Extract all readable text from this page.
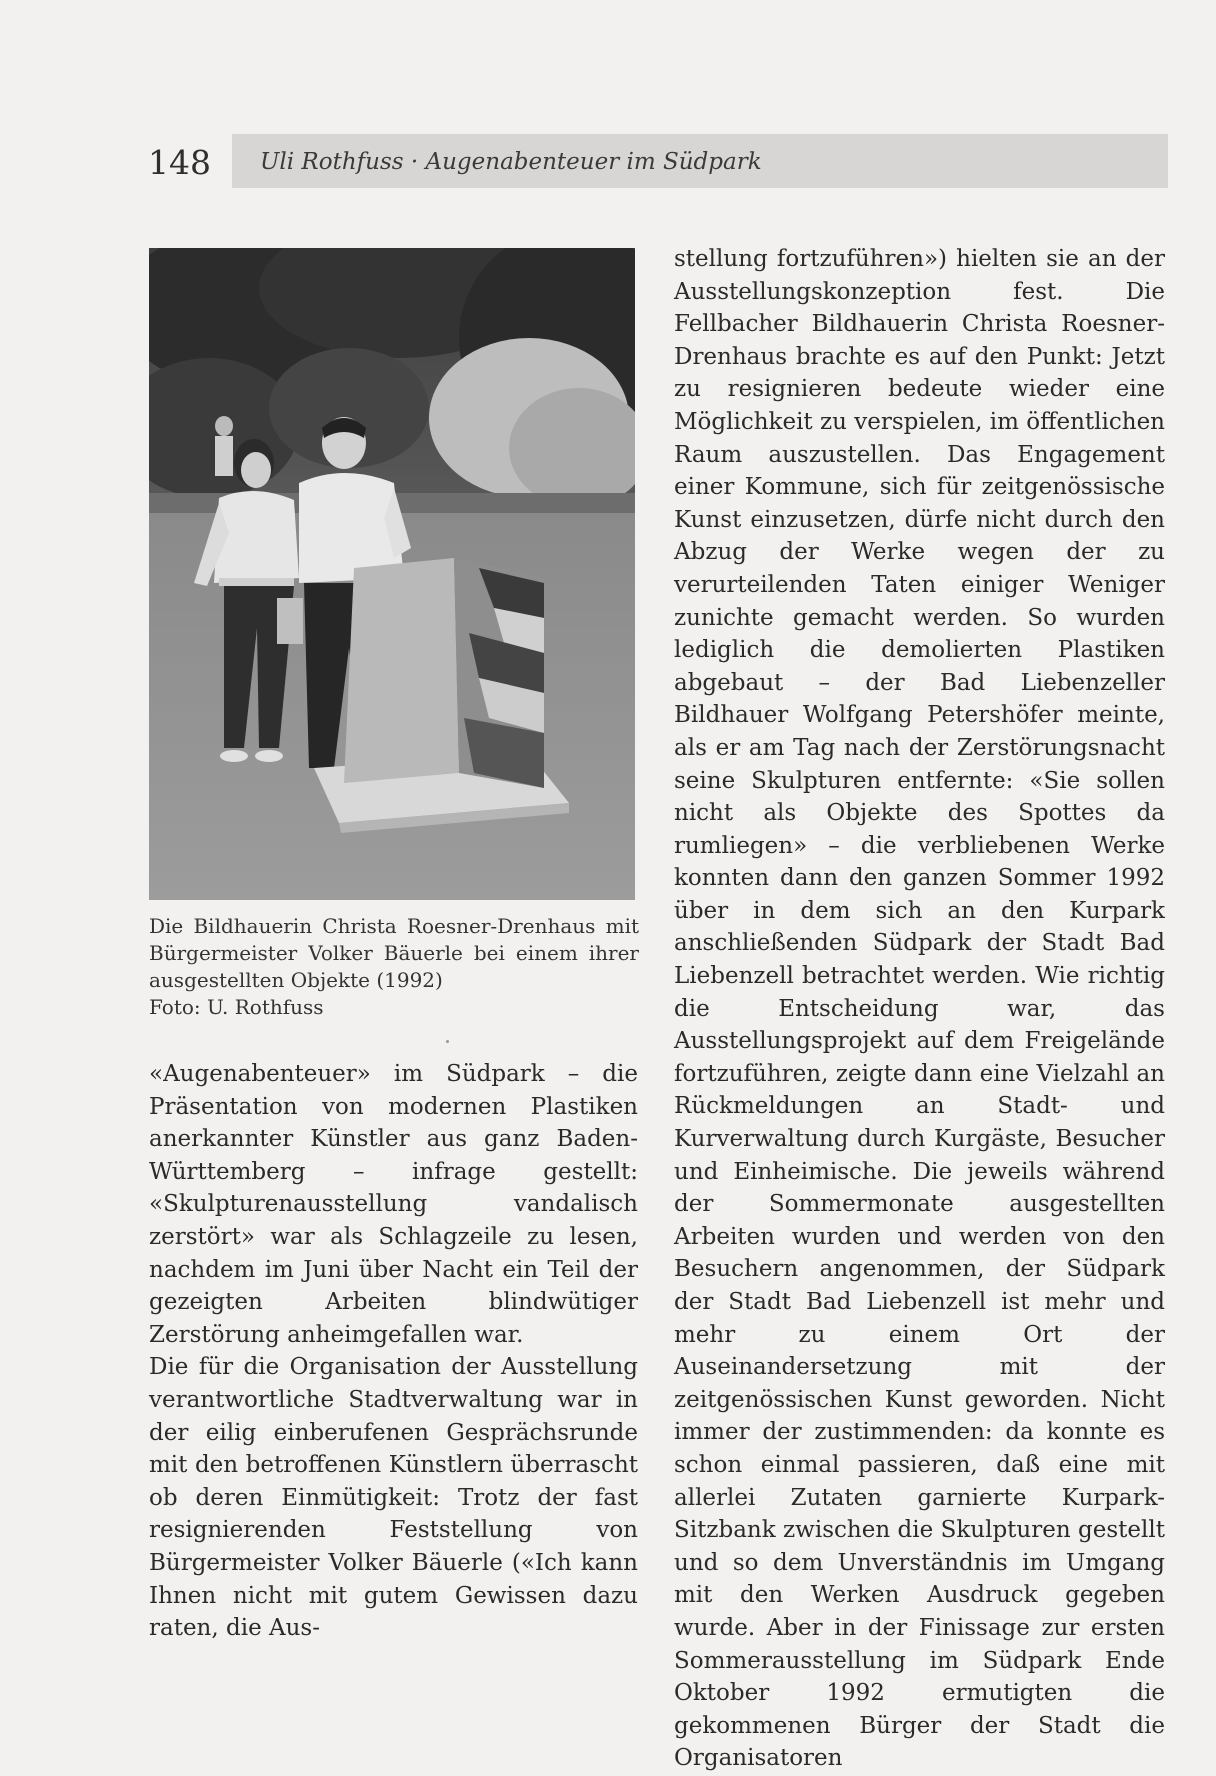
148 Uli Rothfuss · Augenabenteuer im Südpark
Die Bildhauerin Christa Roesner-Drenhaus mit Bürgermeister Volker Bäuerle bei einem ihrer ausgestellten Objekte (1992)
Foto: U. Rothfuss

«Augenabenteuer» im Südpark – die Präsentation von modernen Plastiken anerkannter Künstler aus ganz Baden-Württemberg – infrage gestellt: «Skulpturenausstellung vandalisch zerstört» war als Schlagzeile zu lesen, nachdem im Juni über Nacht ein Teil der gezeigten Arbeiten blindwütiger Zerstörung anheimgefallen war.

Die für die Organisation der Ausstellung verantwortliche Stadtverwaltung war in der eilig einberufenen Gesprächsrunde mit den betroffenen Künstlern überrascht ob deren Einmütigkeit: Trotz der fast resignierenden Feststellung von Bürgermeister Volker Bäuerle («Ich kann Ihnen nicht mit gutem Gewissen dazu raten, die Aus-

stellung fortzuführen») hielten sie an der Ausstellungskonzeption fest. Die Fellbacher Bildhauerin Christa Roesner-Drenhaus brachte es auf den Punkt: Jetzt zu resignieren bedeute wieder eine Möglichkeit zu verspielen, im öffentlichen Raum auszustellen. Das Engagement einer Kommune, sich für zeitgenössische Kunst einzusetzen, dürfe nicht durch den Abzug der Werke wegen der zu verurteilenden Taten einiger Weniger zunichte gemacht werden. So wurden lediglich die demolierten Plastiken abgebaut – der Bad Liebenzeller Bildhauer Wolfgang Petershöfer meinte, als er am Tag nach der Zerstörungsnacht seine Skulpturen entfernte: «Sie sollen nicht als Objekte des Spottes da rumliegen» – die verbliebenen Werke konnten dann den ganzen Sommer 1992 über in dem sich an den Kurpark anschließenden Südpark der Stadt Bad Liebenzell betrachtet werden. Wie richtig die Entscheidung war, das Ausstellungsprojekt auf dem Freigelände fortzuführen, zeigte dann eine Vielzahl an Rückmeldungen an Stadt- und Kurverwaltung durch Kurgäste, Besucher und Einheimische. Die jeweils während der Sommermonate ausgestellten Arbeiten wurden und werden von den Besuchern angenommen, der Südpark der Stadt Bad Liebenzell ist mehr und mehr zu einem Ort der Auseinandersetzung mit der zeitgenössischen Kunst geworden. Nicht immer der zustimmenden: da konnte es schon einmal passieren, daß eine mit allerlei Zutaten garnierte Kurpark-Sitzbank zwischen die Skulpturen gestellt und so dem Unverständnis im Umgang mit den Werken Ausdruck gegeben wurde. Aber in der Finissage zur ersten Sommerausstellung im Südpark Ende Oktober 1992 ermutigten die gekommenen Bürger der Stadt die Organisatoren
